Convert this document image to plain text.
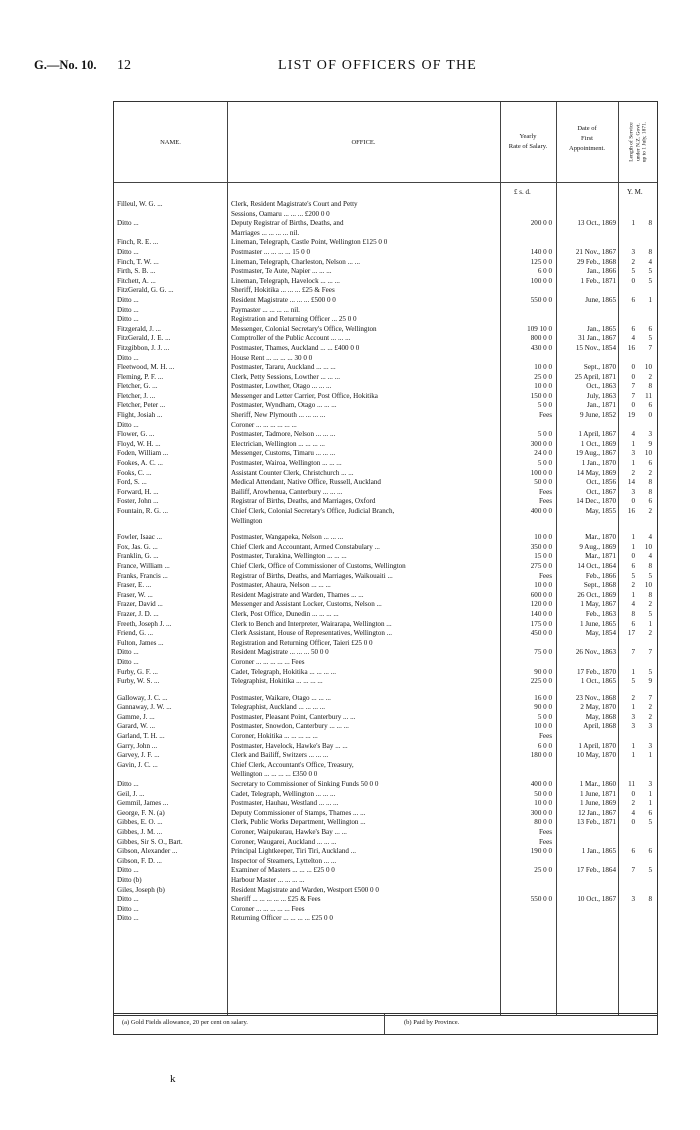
G.—No. 10. 12	LIST OF OFFICERS OF THE
NAME.	OFFICE.
Yearly
Rate of Salary.
Date of
First
Appointment.	Length of Service under N.Z. Govt. up to 1 July, 1871.
£ s. d.	Y. M.
Filleul, W. G. ...	Clerk, Resident Magistrate's Court and Petty
Sessions, Oamaru ... ... ... £200 0 0
Ditto ...	Deputy Registrar of Births, Deaths, and	200 0 0	13 Oct., 1869	1	8
Marriages ... ... ... ... nil.
Finch, R. E. ...	Lineman, Telegraph, Castle Point, Wellington £125 0 0
Ditto ...	Postmaster ... ... ... ... 15 0 0	140 0 0	21 Nov., 1867	3	8
Finch, T. W. ...	Lineman, Telegraph, Charleston, Nelson ... ...	125 0 0	29 Feb., 1868	2	4
Firth, S. B. ...	Postmaster, Te Aute, Napier ... ... ...	6 0 0	Jan., 1866	5	5
Fitchett, A. ...	Lineman, Telegraph, Havelock ... ... ...	100 0 0	1 Feb., 1871	0	5
FitzGerald, G. G. ...	Sheriff, Hokitika ... ... ... £25 & Fees
Ditto ...	Resident Magistrate ... ... ... £500 0 0	550 0 0	June, 1865	6	1
Ditto ...	Paymaster ... ... ... ... nil.
Ditto ...	Registration and Returning Officer ... 25 0 0
Fitzgerald, J. ...	Messenger, Colonial Secretary's Office, Wellington	109 10 0	Jan., 1865	6	6
FitzGerald, J. E. ...	Comptroller of the Public Account ... ... ...	800 0 0	31 Jan., 1867	4	5
Fitzgibbon, J. J. ...	Postmaster, Thames, Auckland ... ... £400 0 0	430 0 0	15 Nov., 1854	16	7
Ditto ...	House Rent ... ... ... ... 30 0 0
Fleetwood, M. H. ...	Postmaster, Tararu, Auckland ... ... ...	10 0 0	Sept., 1870	0	10
Fleming, P. F. ...	Clerk, Petty Sessions, Lowther ... ... ...	25 0 0	25 April, 1871	0	2
Fletcher, G. ...	Postmaster, Lowther, Otago ... ... ...	10 0 0	Oct., 1863	7	8
Fletcher, J. ...	Messenger and Letter Carrier, Post Office, Hokitika	150 0 0	July, 1863	7	11
Fletcher, Peter ...	Postmaster, Wyndham, Otago ... ... ...	5 0 0	Jan., 1871	0	6
Flight, Josiah ...	Sheriff, New Plymouth ... ... ... ...	Fees	9 June, 1852	19	0
Ditto ...	Coroner ... ... ... ... ... ...
Flower, G. ...	Postmaster, Tadmore, Nelson ... ... ...	5 0 0	1 April, 1867	4	3
Floyd, W. H. ...	Electrician, Wellington ... ... ... ...	300 0 0	1 Oct., 1869	1	9
Foden, William ...	Messenger, Customs, Timaru ... ... ...	24 0 0	19 Aug., 1867	3	10
Fookes, A. C. ...	Postmaster, Wairoa, Wellington ... ... ...	5 0 0	1 Jan., 1870	1	6
Fooks, C. ...	Assistant Counter Clerk, Christchurch ... ...	100 0 0	14 May, 1869	2	2
Ford, S. ...	Medical Attendant, Native Office, Russell, Auckland	50 0 0	Oct., 1856	14	8
Forward, H. ...	Bailiff, Arowhenua, Canterbury ... ... ...	Fees	Oct., 1867	3	8
Foster, John ...	Registrar of Births, Deaths, and Marriages, Oxford	Fees	14 Dec., 1870	0	6
Fountain, R. G. ...	Chief Clerk, Colonial Secretary's Office, Judicial Branch,	400 0 0	May, 1855	16	2
Wellington
Fowler, Isaac ...	Postmaster, Wangapeka, Nelson ... ... ...	10 0 0	Mar., 1870	1	4
Fox, Jas. G. ...	Chief Clerk and Accountant, Armed Constabulary ...	350 0 0	9 Aug., 1869	1	10
Franklin, G. ...	Postmaster, Turakina, Wellington ... ... ...	15 0 0	Mar., 1871	0	4
France, William ...	Chief Clerk, Office of Commissioner of Customs, Wellington	275 0 0	14 Oct., 1864	6	8
Franks, Francis ...	Registrar of Births, Deaths, and Marriages, Waikouaiti ...	Fees	Feb., 1866	5	5
Fraser, E. ...	Postmaster, Ahaura, Nelson ... ... ...	10 0 0	Sept., 1868	2	10
Fraser, W. ...	Resident Magistrate and Warden, Thames ... ...	600 0 0	26 Oct., 1869	1	8
Frazer, David ...	Messenger and Assistant Locker, Customs, Nelson ...	120 0 0	1 May, 1867	4	2
Frazer, J. D. ...	Clerk, Post Office, Dunedin ... ... ... ...	140 0 0	Feb., 1863	8	5
Freeth, Joseph J. ...	Clerk to Bench and Interpreter, Wairarapa, Wellington ...	175 0 0	1 June, 1865	6	1
Friend, G. ...	Clerk Assistant, House of Representatives, Wellington ...	450 0 0	May, 1854	17	2
Fulton, James ...	Registration and Returning Officer, Taieri £25 0 0
Ditto ...	Resident Magistrate ... ... ... 50 0 0	75 0 0	26 Nov., 1863	7	7
Ditto ...	Coroner ... ... ... ... ... Fees
Furby, G. F. ...	Cadet, Telegraph, Hokitika ... ... ... ...	90 0 0	17 Feb., 1870	1	5
Furby, W. S. ...	Telegraphist, Hokitika ... ... ... ...	225 0 0	1 Oct., 1865	5	9
Galloway, J. C. ...	Postmaster, Waikare, Otago ... ... ...	16 0 0	23 Nov., 1868	2	7
Gannaway, J. W. ...	Telegraphist, Auckland ... ... ... ...	90 0 0	2 May, 1870	1	2
Gamme, J. ...	Postmaster, Pleasant Point, Canterbury ... ...	5 0 0	May, 1868	3	2
Garard, W. ...	Postmaster, Snowdon, Canterbury ... ... ...	10 0 0	April, 1868	3	3
Garland, T. H. ...	Coroner, Hokitika ... ... ... ... ...	Fees
Garry, John ...	Postmaster, Havelock, Hawke's Bay ... ...	6 0 0	1 April, 1870	1	3
Garvey, J. F. ...	Clerk and Bailiff, Switzers ... ... ...	180 0 0	10 May, 1870	1	1
Gavin, J. C. ...	Chief Clerk, Accountant's Office, Treasury,
Wellington ... ... ... ... £350 0 0
Ditto ...	Secretary to Commissioner of Sinking Funds 50 0 0	400 0 0	1 Mar., 1860	11	3
Geil, J. ...	Cadet, Telegraph, Wellington ... ... ...	50 0 0	1 June, 1871	0	1
Gemmil, James ...	Postmaster, Hauhau, Westland ... ... ...	10 0 0	1 June, 1869	2	1
George, F. N. (a)	Deputy Commissioner of Stamps, Thames ... ...	300 0 0	12 Jan., 1867	4	6
Gibbes, E. O. ...	Clerk, Public Works Department, Wellington ...	80 0 0	13 Feb., 1871	0	5
Gibbes, J. M. ...	Coroner, Waipukurau, Hawke's Bay ... ...	Fees
Gibbes, Sir S. O., Bart.	Coroner, Waugarei, Auckland ... ... ...	Fees
Gibson, Alexander ...	Principal Lightkeeper, Tiri Tiri, Auckland ...	190 0 0	1 Jan., 1865	6	6
Gibson, F. D. ...	Inspector of Steamers, Lyttelton ... ...
Ditto ...	Examiner of Masters ... ... ... £25 0 0	25 0 0	17 Feb., 1864	7	5
Ditto (b)	Harbour Master ... ... ... ...
Giles, Joseph (b)	Resident Magistrate and Warden, Westport £500 0 0
Ditto ...	Sheriff ... ... ... ... ... £25 & Fees	550 0 0	10 Oct., 1867	3	8
Ditto ...	Coroner ... ... ... ... ... Fees
Ditto ...	Returning Officer ... ... ... ... £25 0 0
(a) Gold Fields allowance, 20 per cent on salary.	(b) Paid by Province.
k
